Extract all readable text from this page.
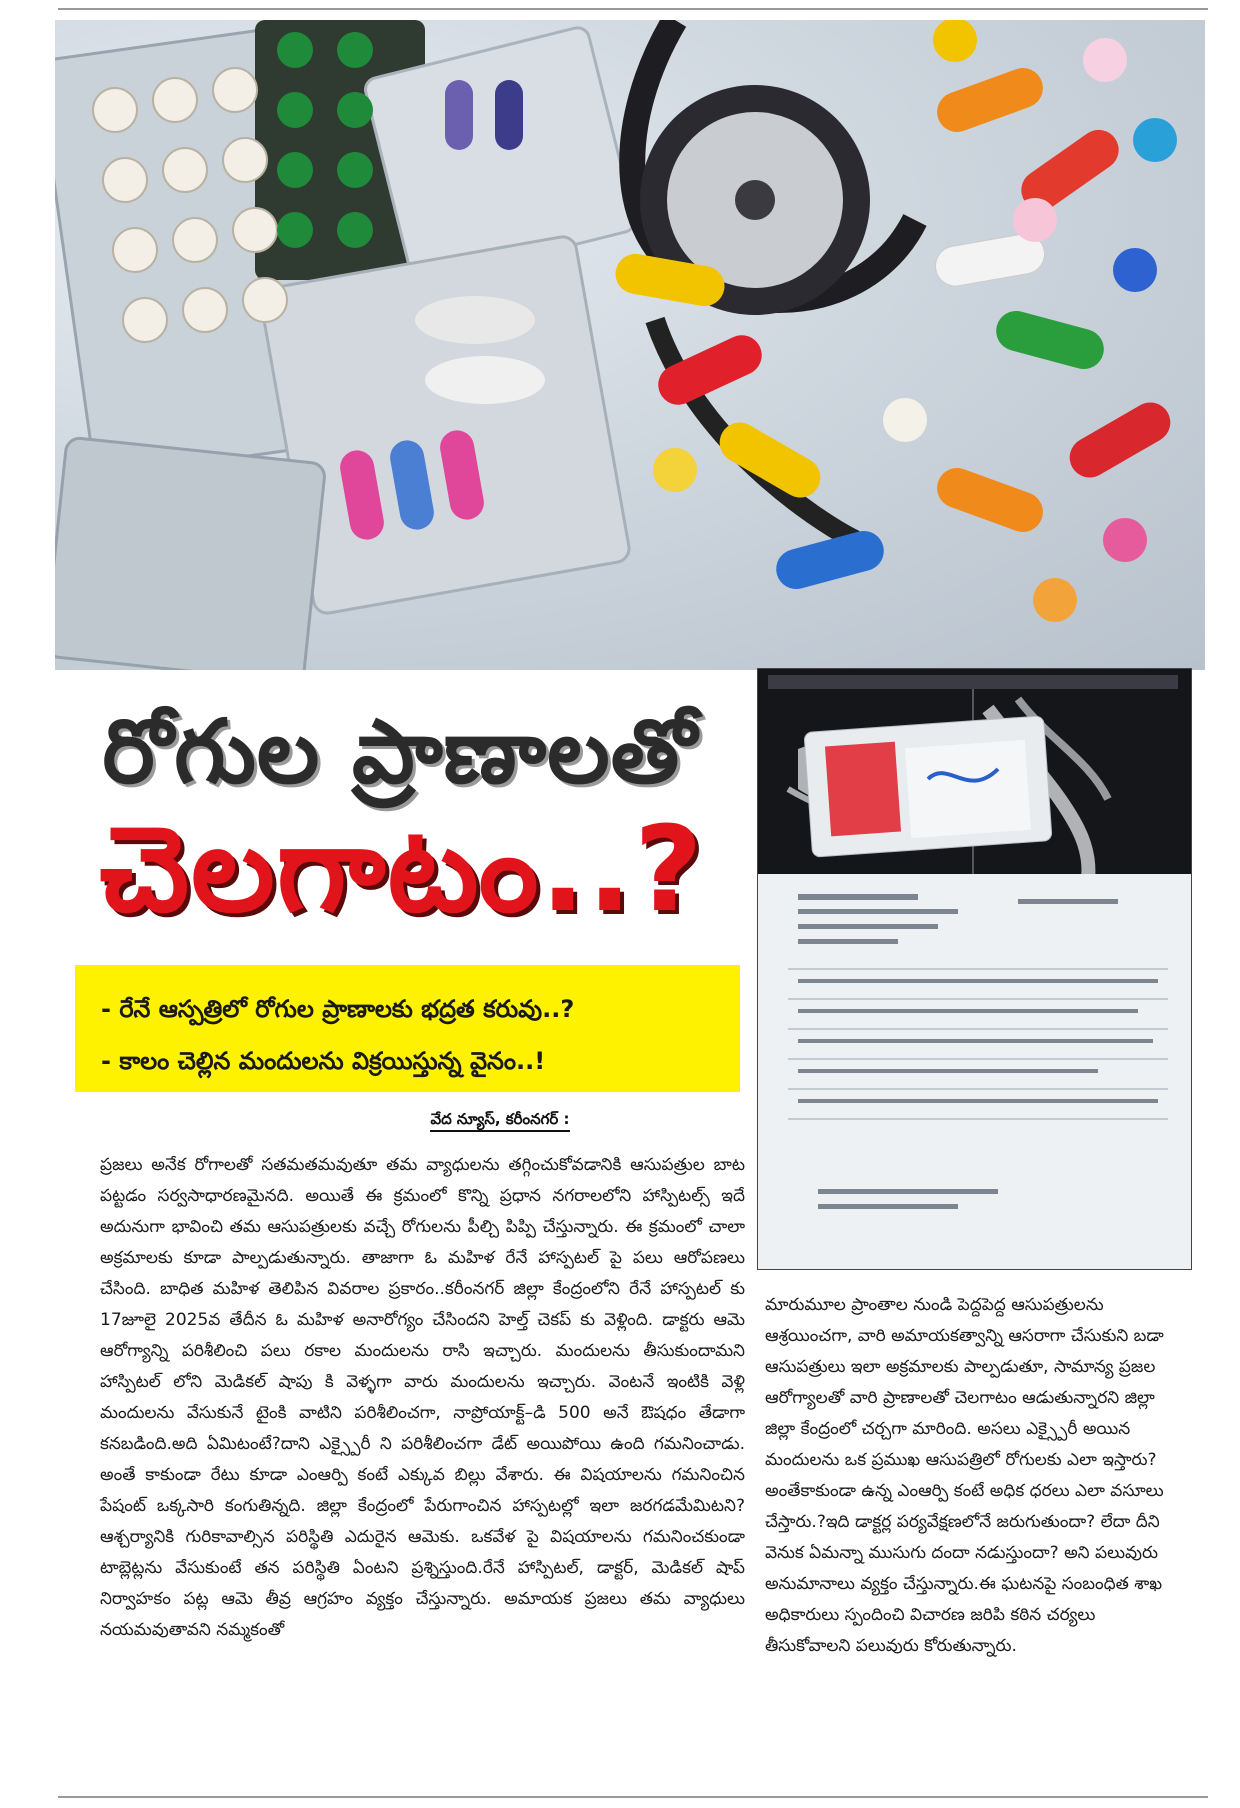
రోగుల ప్రాణాలతో
చెలగాటం..?
- రేనే ఆస్పత్రిలో రోగుల ప్రాణాలకు భద్రత కరువు..?
- కాలం చెల్లిన మందులను విక్రయిస్తున్న వైనం..!
వేద న్యూస్, కరీంనగర్ :
ప్రజలు అనేక రోగాలతో సతమతమవుతూ తమ వ్యాధులను తగ్గించుకోవడానికి ఆసుపత్రుల బాట పట్టడం సర్వసాధారణమైనది. అయితే ఈ క్రమంలో కొన్ని ప్రధాన నగరాలలోని హాస్పిటల్స్ ఇదే అదునుగా భావించి తమ ఆసుపత్రులకు వచ్చే రోగులను పీల్చి పిప్పి చేస్తున్నారు. ఈ క్రమంలో చాలా అక్రమాలకు కూడా పాల్పడుతున్నారు. తాజాగా ఓ మహిళ రేనే హాస్పటల్ పై పలు ఆరోపణలు చేసింది. బాధిత మహిళ తెలిపిన వివరాల ప్రకారం..కరీంనగర్ జిల్లా కేంద్రంలోని రేనే హాస్పటల్ కు 17జూలై 2025వ తేదీన ఓ మహిళ అనారోగ్యం చేసిందని హెల్త్ చెకప్ కు వెళ్లింది. డాక్టరు ఆమె ఆరోగ్యాన్ని పరిశీలించి పలు రకాల మందులను రాసి ఇచ్చారు. మందులను తీసుకుందామని హాస్పిటల్ లోని మెడికల్ షాపు కి వెళ్ళగా వారు మందులను ఇచ్చారు. వెంటనే ఇంటికి వెళ్లి మందులను వేసుకునే టైంకి వాటిని పరిశీలించగా, నాప్రోయాక్ట్–డి 500 అనే ఔషధం తేడాగా కనబడింది.అది ఏమిటంటే?దాని ఎక్స్పైరీ ని పరిశీలించగా డేట్ అయిపోయి ఉంది గమనించాడు. అంతే కాకుండా రేటు కూడా ఎంఆర్పి కంటే ఎక్కువ బిల్లు వేశారు. ఈ విషయాలను గమనించిన పేషంట్ ఒక్కసారి కంగుతిన్నది. జిల్లా కేంద్రంలో పేరుగాంచిన హాస్పటల్లో ఇలా జరగడమేమిటని? ఆశ్చర్యానికి గురికావాల్సిన పరిస్థితి ఎదురైన ఆమెకు. ఒకవేళ పై విషయాలను గమనించకుండా టాబ్లెట్లను వేసుకుంటే తన పరిస్థితి ఏంటని ప్రశ్నిస్తుంది.రేనే హాస్పిటల్, డాక్టర్, మెడికల్ షాప్ నిర్వాహకం పట్ల ఆమె తీవ్ర ఆగ్రహం వ్యక్తం చేస్తున్నారు. అమాయక ప్రజలు తమ వ్యాధులు నయమవుతావని నమ్మకంతో
మారుమూల ప్రాంతాల నుండి పెద్దపెద్ద ఆసుపత్రులను ఆశ్రయించగా, వారి అమాయకత్వాన్ని ఆసరాగా చేసుకుని బడా ఆసుపత్రులు ఇలా అక్రమాలకు పాల్పడుతూ, సామాన్య ప్రజల ఆరోగ్యాలతో వారి ప్రాణాలతో చెలగాటం ఆడుతున్నారని జిల్లా జిల్లా కేంద్రంలో చర్చగా మారింది. అసలు ఎక్స్పైరీ అయిన మందులను ఒక ప్రముఖ ఆసుపత్రిలో రోగులకు ఎలా ఇస్తారు? అంతేకాకుండా ఉన్న ఎంఆర్పి కంటే అధిక ధరలు ఎలా వసూలు చేస్తారు.?ఇది డాక్టర్ల పర్యవేక్షణలోనే జరుగుతుందా? లేదా దీని వెనుక ఏమన్నా ముసుగు దందా నడుస్తుందా? అని పలువురు అనుమానాలు వ్యక్తం చేస్తున్నారు.ఈ ఘటనపై సంబంధిత శాఖ అధికారులు స్పందించి విచారణ జరిపి కఠిన చర్యలు తీసుకోవాలని పలువురు కోరుతున్నారు.
